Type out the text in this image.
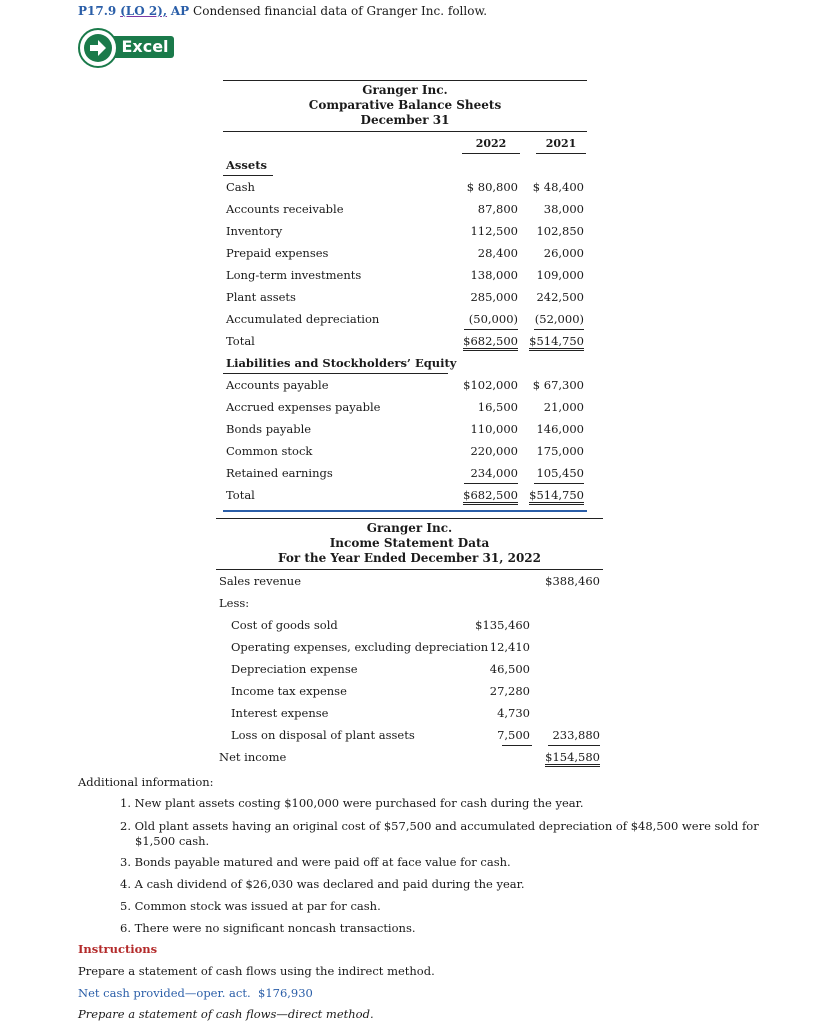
P17.9 (LO 2), AP Condensed financial data of Granger Inc. follow.
Excel
Granger Inc.
Comparative Balance Sheets
December 31
2022	2021
Assets
Cash	$ 80,800	$ 48,400
Accounts receivable	87,800	38,000
Inventory	112,500	102,850
Prepaid expenses	28,400	26,000
Long-term investments	138,000	109,000
Plant assets	285,000	242,500
Accumulated depreciation	(50,000)	(52,000)
Total	$682,500 $514,750
Liabilities and Stockholders’ Equity
Accounts payable	$102,000	$ 67,300
Accrued expenses payable	16,500	21,000
Bonds payable	110,000	146,000
Common stock	220,000	175,000
Retained earnings	234,000	105,450
Total	$682,500 $514,750
Granger Inc.
Income Statement Data
For the Year Ended December 31, 2022
Sales revenue	$388,460
Less:
Cost of goods sold	$135,460
Operating expenses, excluding depreciation 12,410
Depreciation expense	46,500
Income tax expense	27,280
Interest expense	4,730
Loss on disposal of plant assets	7,500	233,880
Net income	$154,580
Additional information:
1. New plant assets costing $100,000 were purchased for cash during the year.
2. Old plant assets having an original cost of $57,500 and accumulated depreciation of $48,500 were sold for
$1,500 cash.
3. Bonds payable matured and were paid off at face value for cash.
4. A cash dividend of $26,030 was declared and paid during the year.
5. Common stock was issued at par for cash.
6. There were no significant noncash transactions.
Instructions
Prepare a statement of cash flows using the indirect method.
Net cash provided—oper. act. $176,930
Prepare a statement of cash flows—direct method.
